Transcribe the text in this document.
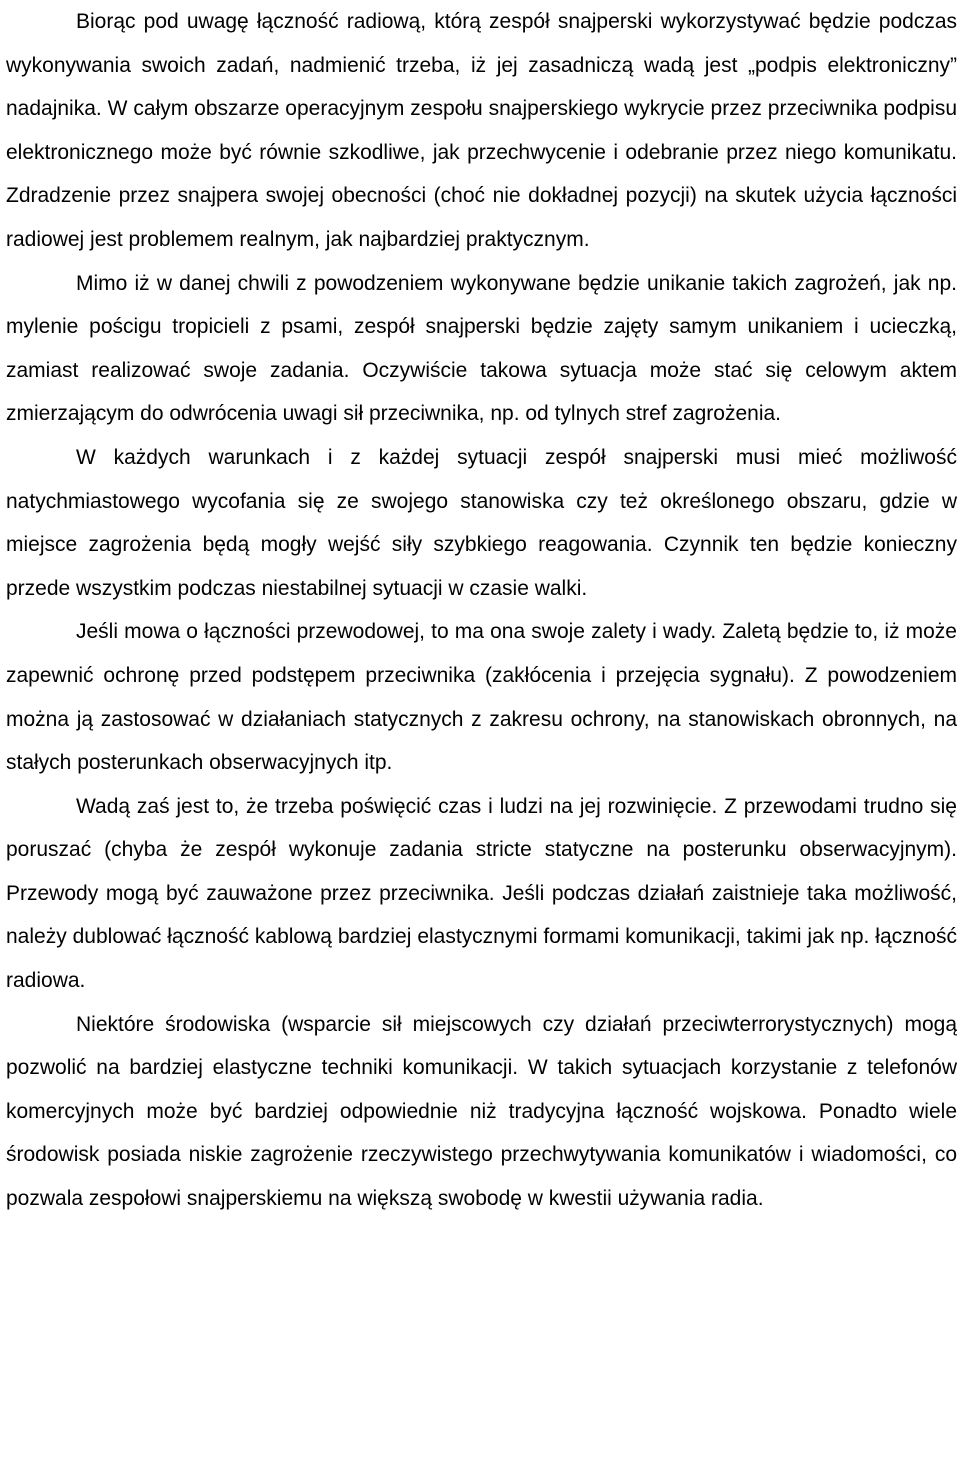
Biorąc pod uwagę łączność radiową, którą zespół snajperski wykorzystywać będzie podczas wykonywania swoich zadań, nadmienić trzeba, iż jej zasadniczą wadą jest „podpis elektroniczny” nadajnika. W całym obszarze operacyjnym zespołu snajperskiego wykrycie przez przeciwnika podpisu elektronicznego może być równie szkodliwe, jak przechwycenie i odebranie przez niego komunikatu. Zdradzenie przez snajpera swojej obecności (choć nie dokładnej pozycji) na skutek użycia łączności radiowej jest problemem realnym, jak najbardziej praktycznym.

Mimo iż w danej chwili z powodzeniem wykonywane będzie unikanie takich zagrożeń, jak np. mylenie pościgu tropicieli z psami, zespół snajperski będzie zajęty samym unikaniem i ucieczką, zamiast realizować swoje zadania. Oczywiście takowa sytuacja może stać się celowym aktem zmierzającym do odwrócenia uwagi sił przeciwnika, np. od tylnych stref zagrożenia.

W każdych warunkach i z każdej sytuacji zespół snajperski musi mieć możliwość natychmiastowego wycofania się ze swojego stanowiska czy też określonego obszaru, gdzie w miejsce zagrożenia będą mogły wejść siły szybkiego reagowania. Czynnik ten będzie konieczny przede wszystkim podczas niestabilnej sytuacji w czasie walki.

Jeśli mowa o łączności przewodowej, to ma ona swoje zalety i wady. Zaletą będzie to, iż może zapewnić ochronę przed podstępem przeciwnika (zakłócenia i przejęcia sygnału). Z powodzeniem można ją zastosować w działaniach statycznych z zakresu ochrony, na stanowiskach obronnych, na stałych posterunkach obserwacyjnych itp.

Wadą zaś jest to, że trzeba poświęcić czas i ludzi na jej rozwinięcie. Z przewodami trudno się poruszać (chyba że zespół wykonuje zadania stricte statyczne na posterunku obserwacyjnym). Przewody mogą być zauważone przez przeciwnika. Jeśli podczas działań zaistnieje taka możliwość, należy dublować łączność kablową bardziej elastycznymi formami komunikacji, takimi jak np. łączność radiowa.

Niektóre środowiska (wsparcie sił miejscowych czy działań przeciwterrorystycznych) mogą pozwolić na bardziej elastyczne techniki komunikacji. W takich sytuacjach korzystanie z telefonów komercyjnych może być bardziej odpowiednie niż tradycyjna łączność wojskowa. Ponadto wiele środowisk posiada niskie zagrożenie rzeczywistego przechwytywania komunikatów i wiadomości, co pozwala zespołowi snajperskiemu na większą swobodę w kwestii używania radia.
